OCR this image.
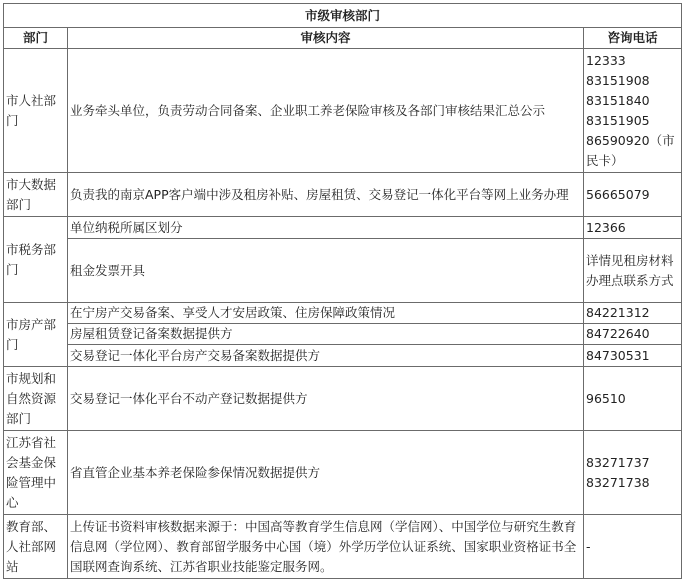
市级审核部门		
部门	审核内容	咨询电话
市人社部门	业务牵头单位，负责劳动合同备案、企业职工养老保险审核及各部门审核结果汇总公示	12333
83151908
83151840
83151905
86590920（市民卡）

市大数据部门	负责我的南京APP客户端中涉及租房补贴、房屋租赁、交易登记一体化平台等网上业务办理	56665079

市税务部门	单位纳税所属区划分	12366

	租金发票开具	详情见租房材料办理点联系方式

市房产部门	在宁房产交易备案、享受人才安居政策、住房保障政策情况	84221312

	房屋租赁登记备案数据提供方	84722640

	交易登记一体化平台房产交易备案数据提供方	84730531

市规划和自然资源部门	交易登记一体化平台不动产登记数据提供方	96510

江苏省社会基金保险管理中心	省直管企业基本养老保险参保情况数据提供方	83271737
83271738

教育部、人社部网站	上传证书资料审核数据来源于：中国高等教育学生信息网（学信网）、中国学位与研究生教育信息网（学位网）、教育部留学服务中心国（境）外学历学位认证系统、国家职业资格证书全国联网查询系统、江苏省职业技能鉴定服务网。	-
